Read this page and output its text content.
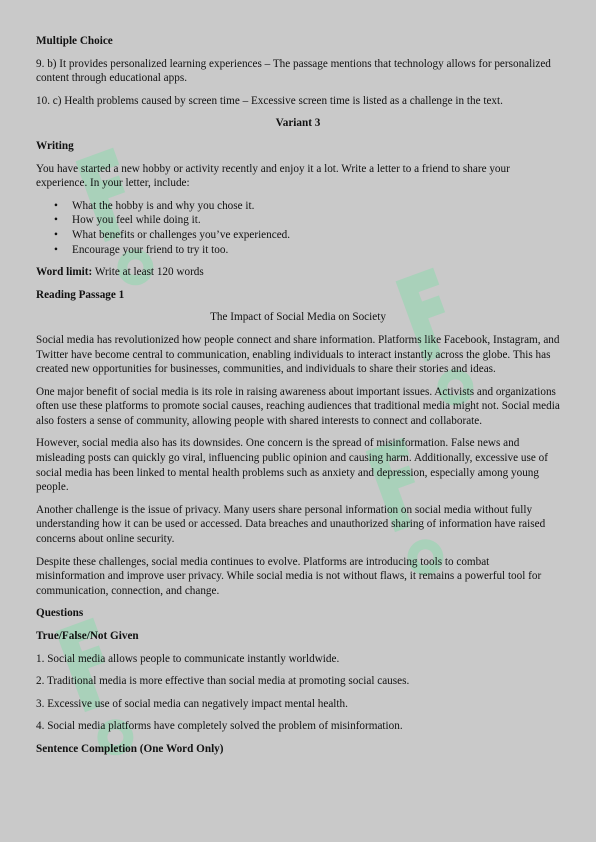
Multiple Choice

9. b) It provides personalized learning experiences – The passage mentions that technology allows for personalized content through educational apps.

10. c) Health problems caused by screen time – Excessive screen time is listed as a challenge in the text.

Variant 3

Writing

You have started a new hobby or activity recently and enjoy it a lot. Write a letter to a friend to share your experience. In your letter, include:

• What the hobby is and why you chose it.
• How you feel while doing it.
• What benefits or challenges you’ve experienced.
• Encourage your friend to try it too.

Word limit: Write at least 120 words

Reading Passage 1

The Impact of Social Media on Society

Social media has revolutionized how people connect and share information. Platforms like Facebook, Instagram, and Twitter have become central to communication, enabling individuals to interact instantly across the globe. This has created new opportunities for businesses, communities, and individuals to share their stories and ideas.

One major benefit of social media is its role in raising awareness about important issues. Activists and organizations often use these platforms to promote social causes, reaching audiences that traditional media might not. Social media also fosters a sense of community, allowing people with shared interests to connect and collaborate.

However, social media also has its downsides. One concern is the spread of misinformation. False news and misleading posts can quickly go viral, influencing public opinion and causing harm. Additionally, excessive use of social media has been linked to mental health problems such as anxiety and depression, especially among young people.

Another challenge is the issue of privacy. Many users share personal information on social media without fully understanding how it can be used or accessed. Data breaches and unauthorized sharing of information have raised concerns about online security.

Despite these challenges, social media continues to evolve. Platforms are introducing tools to combat misinformation and improve user privacy. While social media is not without flaws, it remains a powerful tool for communication, connection, and change.

Questions

True/False/Not Given

1. Social media allows people to communicate instantly worldwide.

2. Traditional media is more effective than social media at promoting social causes.

3. Excessive use of social media can negatively impact mental health.

4. Social media platforms have completely solved the problem of misinformation.

Sentence Completion (One Word Only)
